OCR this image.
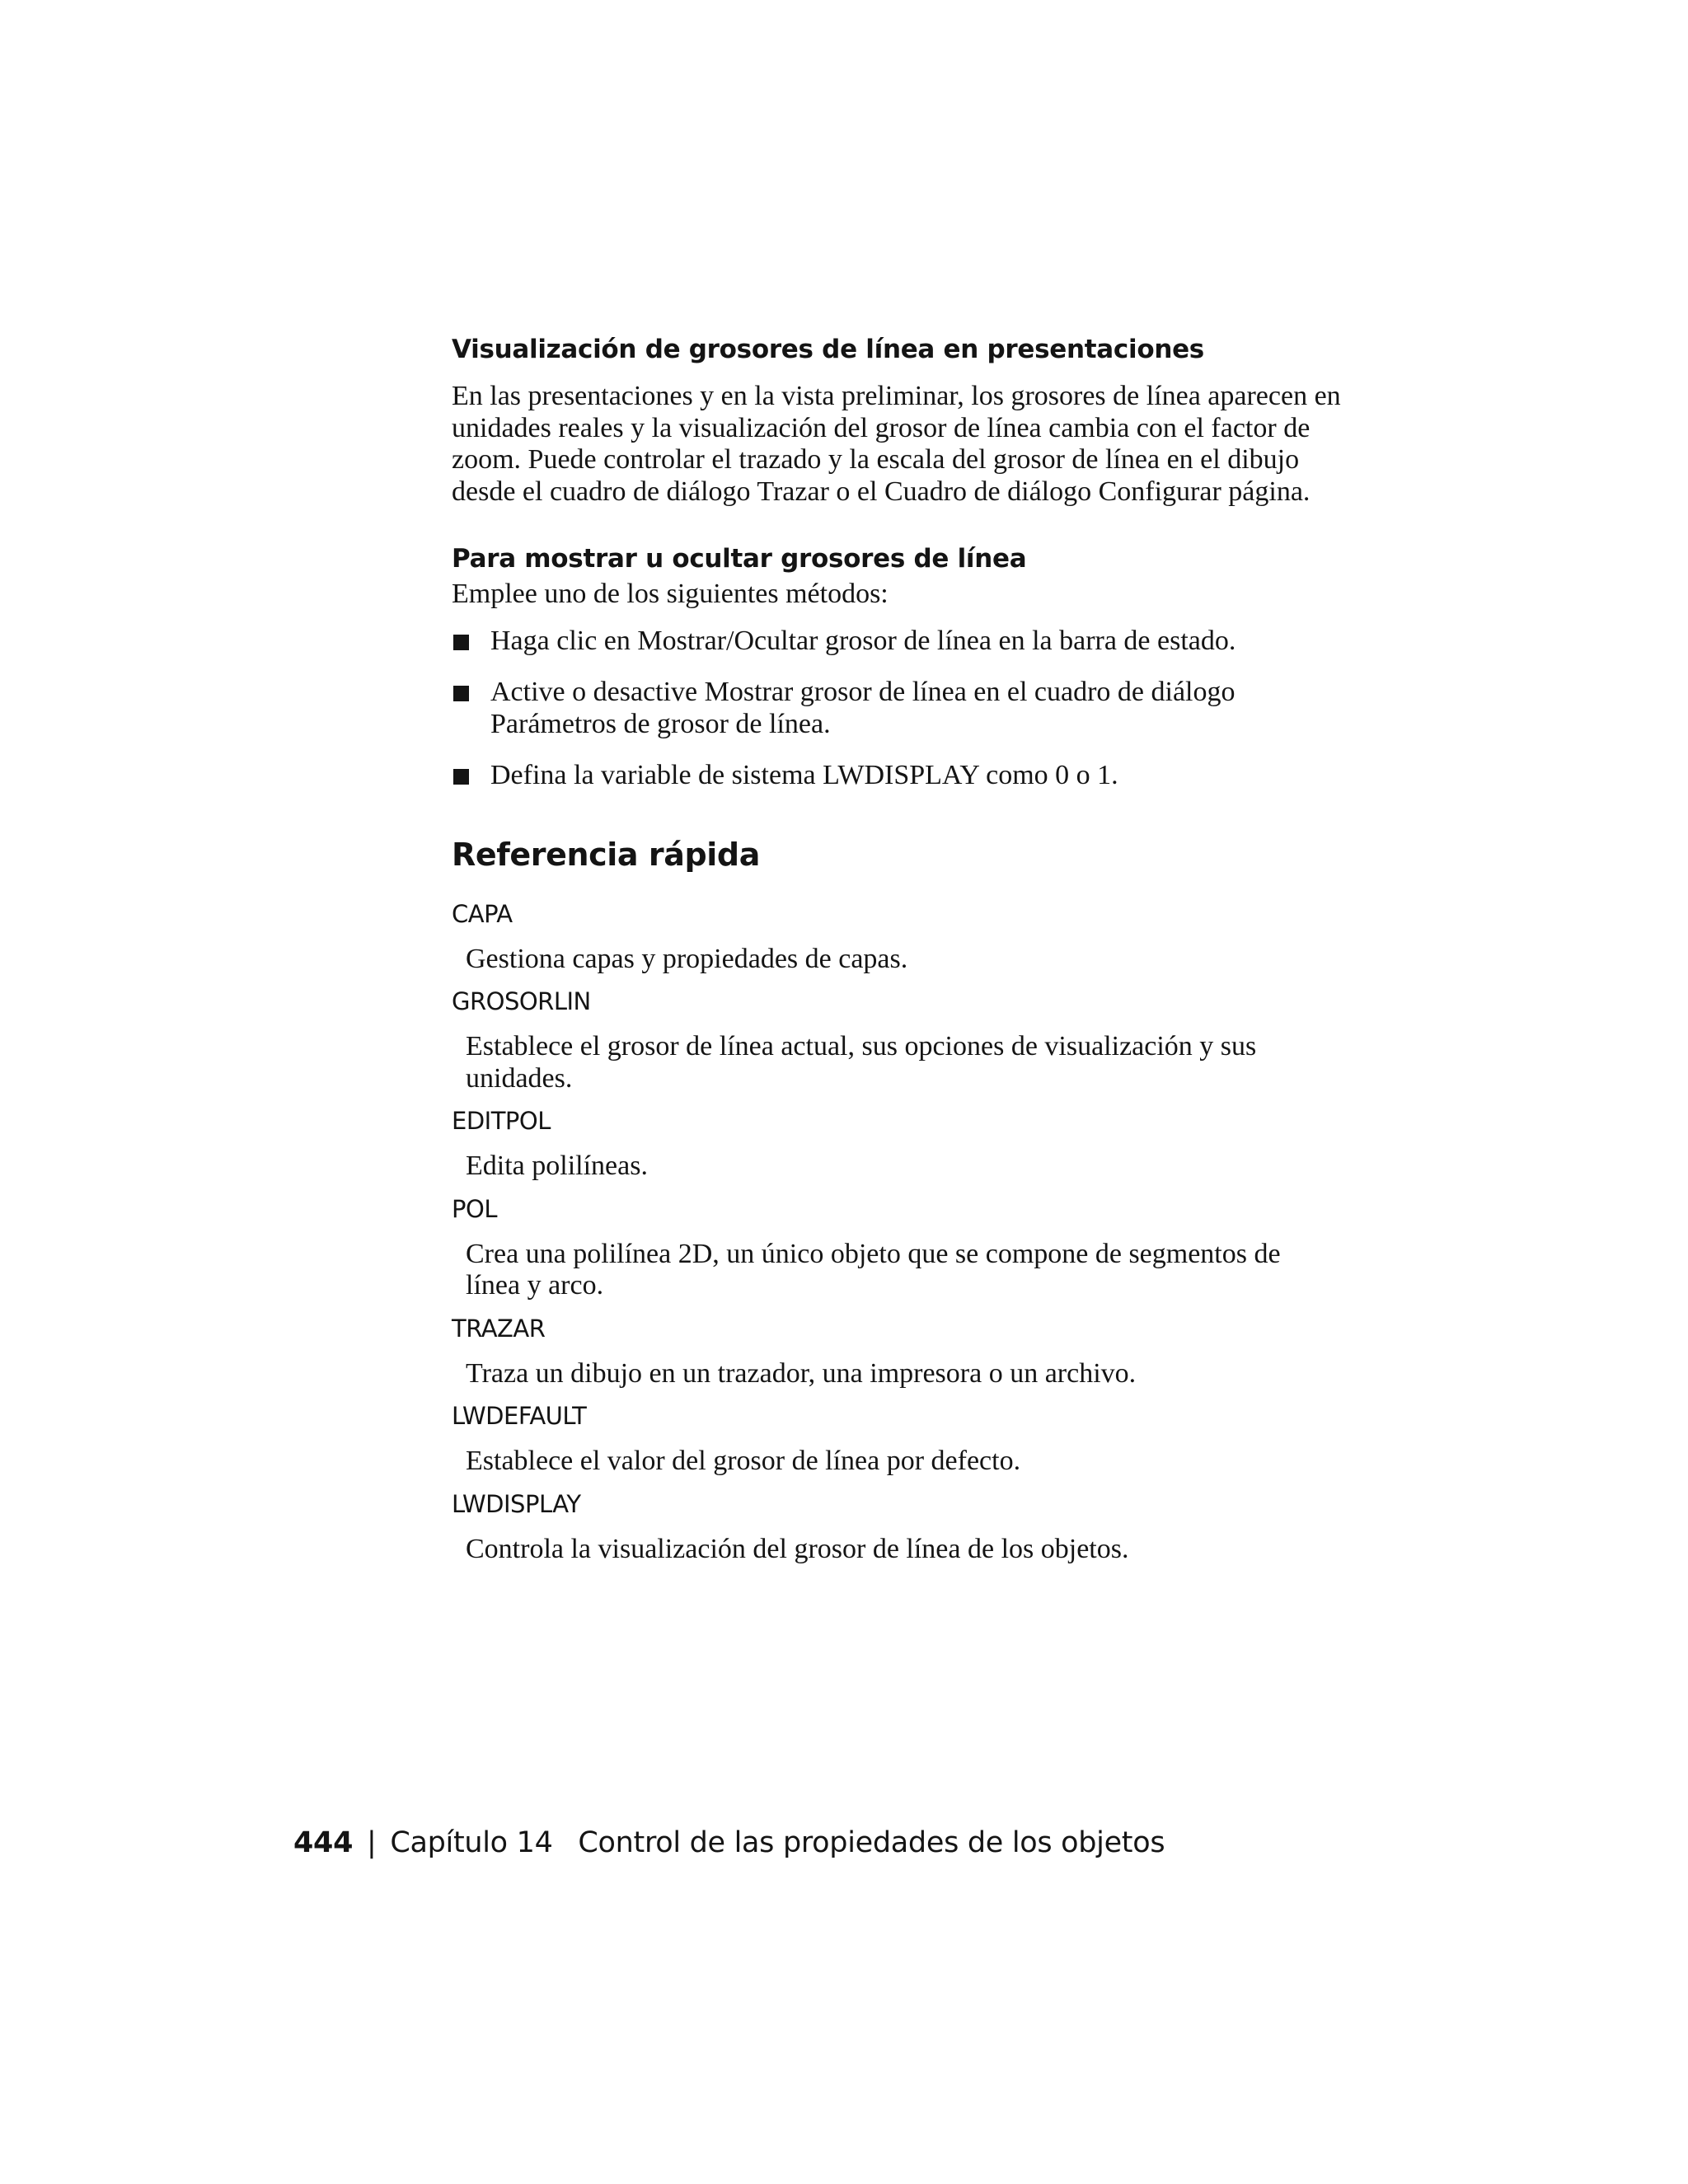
Visualización de grosores de línea en presentaciones

En las presentaciones y en la vista preliminar, los grosores de línea aparecen en unidades reales y la visualización del grosor de línea cambia con el factor de zoom. Puede controlar el trazado y la escala del grosor de línea en el dibujo desde el cuadro de diálogo Trazar o el Cuadro de diálogo Configurar página.

Para mostrar u ocultar grosores de línea

Emplee uno de los siguientes métodos:

Haga clic en Mostrar/Ocultar grosor de línea en la barra de estado.
Active o desactive Mostrar grosor de línea en el cuadro de diálogo Parámetros de grosor de línea.
Defina la variable de sistema LWDISPLAY como 0 o 1.
Referencia rápida

CAPA

Gestiona capas y propiedades de capas.

GROSORLIN

Establece el grosor de línea actual, sus opciones de visualización y sus unidades.

EDITPOL

Edita polilíneas.

POL

Crea una polilínea 2D, un único objeto que se compone de segmentos de línea y arco.

TRAZAR

Traza un dibujo en un trazador, una impresora o un archivo.

LWDEFAULT

Establece el valor del grosor de línea por defecto.

LWDISPLAY

Controla la visualización del grosor de línea de los objetos.

444 | Capítulo 14 Control de las propiedades de los objetos
